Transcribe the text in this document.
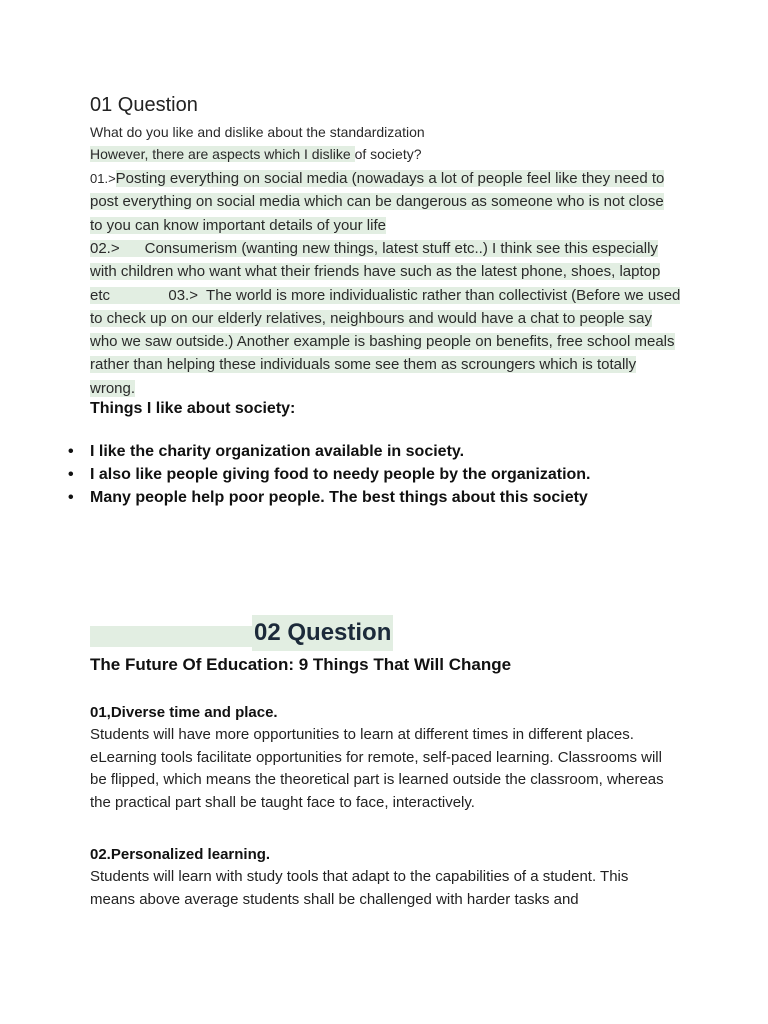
01 Question
What do you like and dislike about the standardization
However, there are aspects which I dislike of society?
01.>Posting everything on social media (nowadays a lot of people feel like they need to
post everything on social media which can be dangerous as someone who is not close
to you can know important details of your life
02.>      Consumerism (wanting new things, latest stuff etc..) I think see this especially
with children who want what their friends have such as the latest phone, shoes, laptop
etc              03.>  The world is more individualistic rather than collectivist (Before we used
to check up on our elderly relatives, neighbours and would have a chat to people say
who we saw outside.) Another example is bashing people on benefits, free school meals
rather than helping these individuals some see them as scroungers which is totally
wrong.
Things I like about society:
• I like the charity organization available in society.
• I also like people giving food to needy people by the organization.
• Many people help poor people. The best things about this society
02 Question
The Future Of Education: 9 Things That Will Change
01,Diverse time and place.

Students will have more opportunities to learn at different times in different places. eLearning tools facilitate opportunities for remote, self-paced learning. Classrooms will be flipped, which means the theoretical part is learned outside the classroom, whereas the practical part shall be taught face to face, interactively.

02.Personalized learning.

Students will learn with study tools that adapt to the capabilities of a student. This means above average students shall be challenged with harder tasks and
